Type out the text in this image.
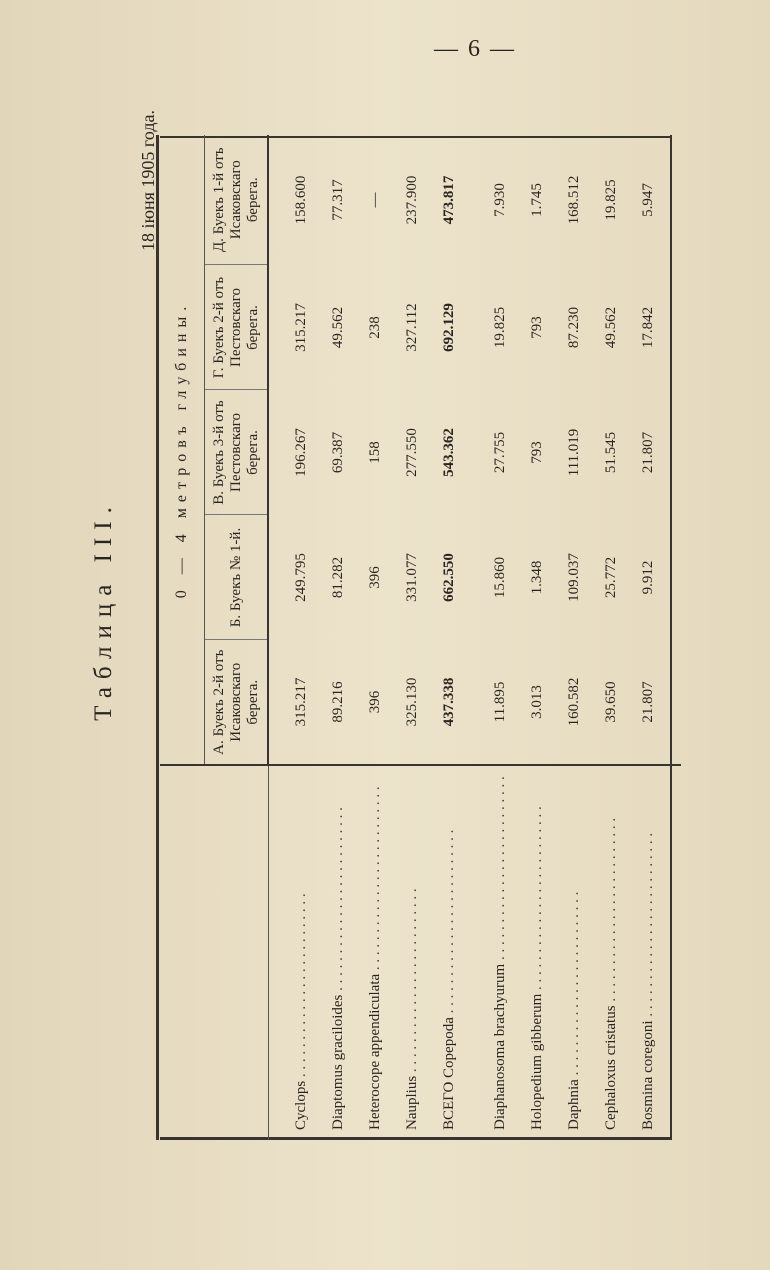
— 6 —
Таблица III.
18 іюня 1905 года.
	0 — 4 метровъ глубины.				
	А. Буекъ 2-й отъ Исаковскаго берега.	Б. Буекъ № 1-й.	В. Буекъ 3-й отъ Пестовскаго берега.	Г. Буекъ 2-й отъ Пестовскаго берега.	Д. Буекъ 1-й отъ Исаковскаго берега.

Cyclops . . . . . . . . . . . . . . . . . . . . . . . . .	315.217	249.795	196.267	315.217	158.600
Diaptomus graciloides . . . . . . . . . . . . . . . . . . . . . . . . .	89.216	81.282	69.387	49.562	77.317
Heterocope appendiculata . . . . . . . . . . . . . . . . . . . . . . . . .	396	396	158	238	—
Nauplius . . . . . . . . . . . . . . . . . . . . . . . . .	325.130	331.077	277.550	327.112	237.900
ВСЕГО Copepoda . . . . . . . . . . . . . . . . . . . . . . . . .	437.338	662.550	543.362	692.129	473.817

Diaphanosoma brachyurum . . . . . . . . . . . . . . . . . . . . . . . . .	11.895	15.860	27.755	19.825	7.930
Holopedium gibberum . . . . . . . . . . . . . . . . . . . . . . . . .	3.013	1.348	793	793	1.745
Daphnia . . . . . . . . . . . . . . . . . . . . . . . . .	160.582	109.037	111.019	87.230	168.512
Cephaloxus cristatus . . . . . . . . . . . . . . . . . . . . . . . . .	39.650	25.772	51.545	49.562	19.825
Bosmina coregoni . . . . . . . . . . . . . . . . . . . . . . . . .	21.807	9.912	21.807	17.842	5.947
